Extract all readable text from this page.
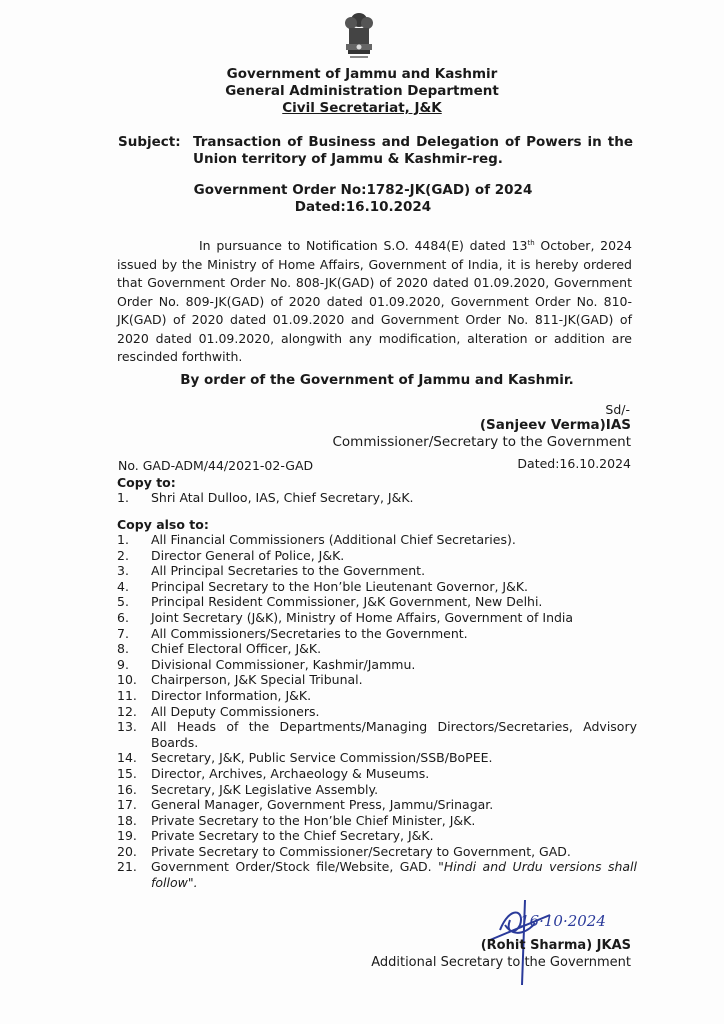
Government of Jammu and Kashmir
General Administration Department
Civil Secretariat, J&K
Subject: Transaction of Business and Delegation of Powers in the Union territory of Jammu & Kashmir-reg.
Government Order No:1782-JK(GAD) of 2024
Dated:16.10.2024
In pursuance to Notification S.O. 4484(E) dated 13th October, 2024 issued by the Ministry of Home Affairs, Government of India, it is hereby ordered that Government Order No. 808-JK(GAD) of 2020 dated 01.09.2020, Government Order No. 809-JK(GAD) of 2020 dated 01.09.2020, Government Order No. 810-JK(GAD) of 2020 dated 01.09.2020 and Government Order No. 811-JK(GAD) of 2020 dated 01.09.2020, alongwith any modification, alteration or addition are rescinded forthwith.
By order of the Government of Jammu and Kashmir.
Sd/-
(Sanjeev Verma)IAS
Commissioner/Secretary to the Government
No. GAD-ADM/44/2021-02-GAD	Dated:16.10.2024
Copy to:
1. Shri Atal Dulloo, IAS, Chief Secretary, J&K.
Copy also to:
1. All Financial Commissioners (Additional Chief Secretaries).
2. Director General of Police, J&K.
3. All Principal Secretaries to the Government.
4. Principal Secretary to the Hon’ble Lieutenant Governor, J&K.
5. Principal Resident Commissioner, J&K Government, New Delhi.
6. Joint Secretary (J&K), Ministry of Home Affairs, Government of India
7. All Commissioners/Secretaries to the Government.
8. Chief Electoral Officer, J&K.
9. Divisional Commissioner, Kashmir/Jammu.
10. Chairperson, J&K Special Tribunal.
11. Director Information, J&K.
12. All Deputy Commissioners.
13. All Heads of the Departments/Managing Directors/Secretaries, Advisory Boards.
14. Secretary, J&K, Public Service Commission/SSB/BoPEE.
15. Director, Archives, Archaeology & Museums.
16. Secretary, J&K Legislative Assembly.
17. General Manager, Government Press, Jammu/Srinagar.
18. Private Secretary to the Hon’ble Chief Minister, J&K.
19. Private Secretary to the Chief Secretary, J&K.
20. Private Secretary to Commissioner/Secretary to Government, GAD.
21. Government Order/Stock file/Website, GAD. "Hindi and Urdu versions shall follow".
16·10·2024
(Rohit Sharma) JKAS
Additional Secretary to the Government
